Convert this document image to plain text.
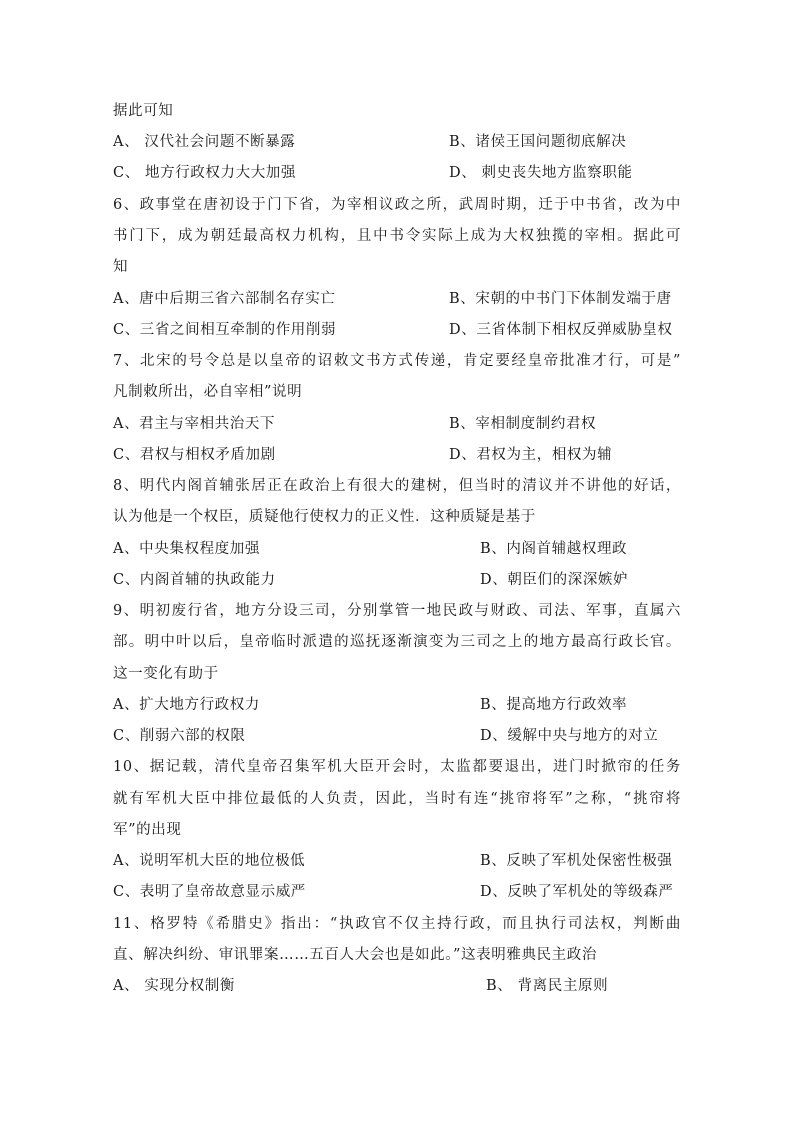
据此可知
A、 汉代社会问题不断暴露	B、诸侯王国问题彻底解决
C、 地方行政权力大大加强	D、 刺史丧失地方监察职能
6、政事堂在唐初设于门下省，为宰相议政之所，武周时期，迁于中书省，改为中
书门下，成为朝廷最高权力机构，且中书令实际上成为大权独揽的宰相。据此可
知
A、唐中后期三省六部制名存实亡	B、宋朝的中书门下体制发端于唐
C、三省之间相互牵制的作用削弱	D、三省体制下相权反弹威胁皇权
7、北宋的号令总是以皇帝的诏敕文书方式传递，肯定要经皇帝批准才行，可是”
凡制敕所出，必自宰相”说明
A、君主与宰相共治天下	B、宰相制度制约君权
C、君权与相权矛盾加剧	D、君权为主，相权为辅
8、明代内阁首辅张居正在政治上有很大的建树，但当时的清议并不讲他的好话，
认为他是一个权臣，质疑他行使权力的正义性．这种质疑是基于
A、中央集权程度加强	B、内阁首辅越权理政
C、内阁首辅的执政能力	D、朝臣们的深深嫉妒
9、明初废行省，地方分设三司，分别掌管一地民政与财政、司法、军事，直属六
部。明中叶以后，皇帝临时派遣的巡抚逐渐演变为三司之上的地方最高行政长官。
这一变化有助于
A、扩大地方行政权力	B、提高地方行政效率
C、削弱六部的权限	D、缓解中央与地方的对立
10、据记载，清代皇帝召集军机大臣开会时，太监都要退出，进门时掀帘的任务
就有军机大臣中排位最低的人负责，因此，当时有连“挑帘将军”之称，“挑帘将
军”的出现
A、说明军机大臣的地位极低	B、反映了军机处保密性极强
C、表明了皇帝故意显示威严	D、反映了军机处的等级森严
11、格罗特《希腊史》指出：“执政官不仅主持行政，而且执行司法权，判断曲
直、解决纠纷、审讯罪案……五百人大会也是如此。”这表明雅典民主政治
A、 实现分权制衡	B、 背离民主原则
